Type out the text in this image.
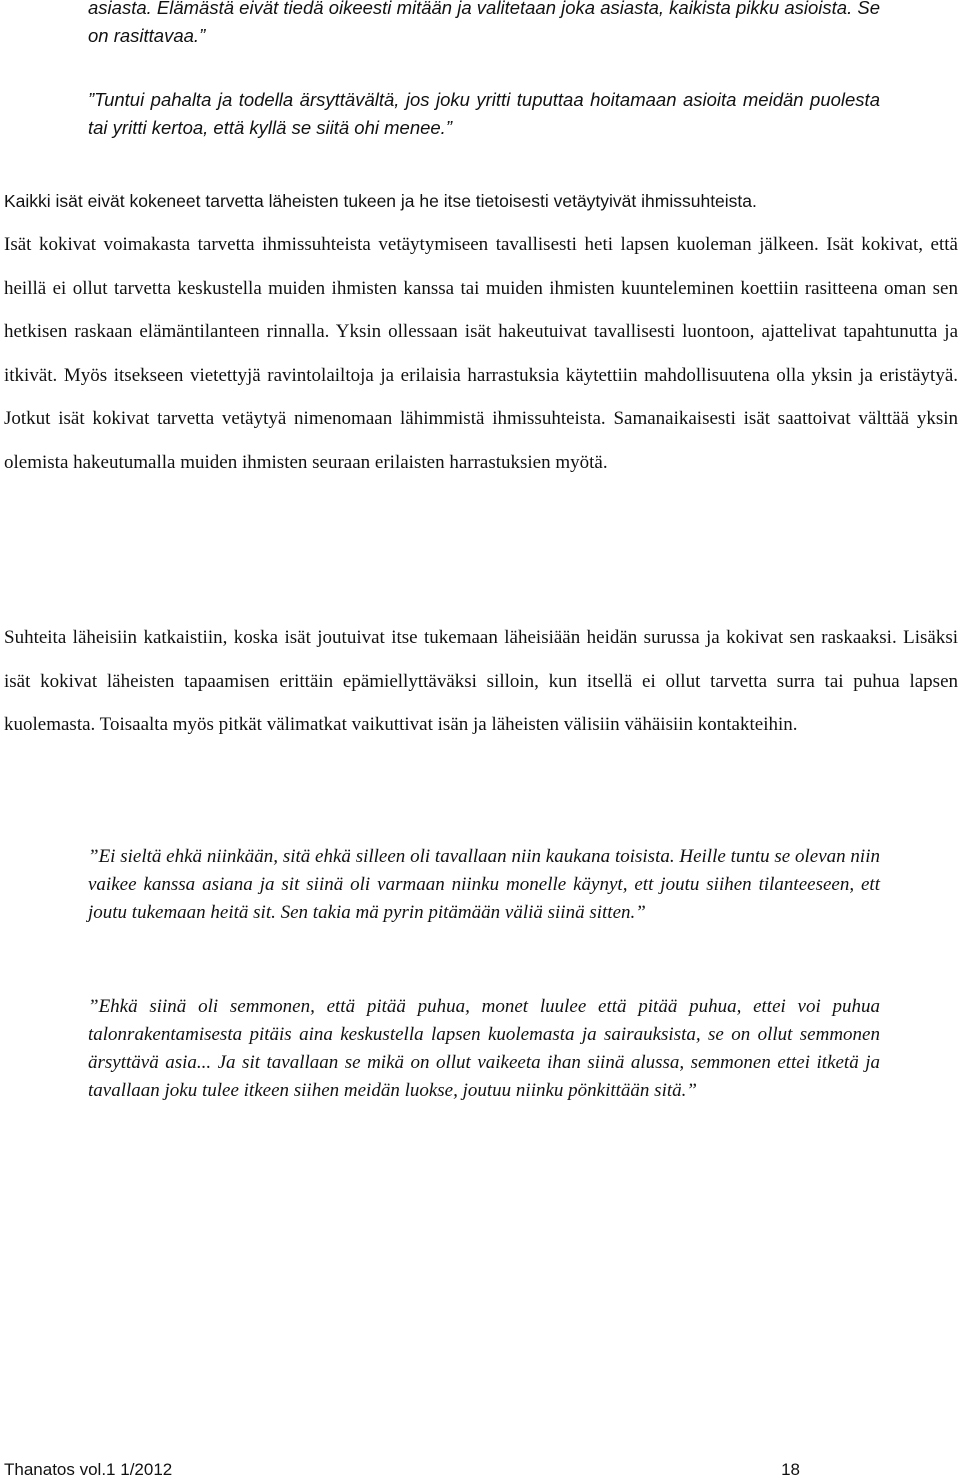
asiasta. Elämästä eivät tiedä oikeesti mitään ja valitetaan joka asiasta, kaikista pikku asioista. Se on rasittavaa.”

”Tuntui pahalta ja todella ärsyttävältä, jos joku yritti tuputtaa hoitamaan asioita meidän puolesta tai yritti kertoa, että kyllä se siitä ohi menee.”

Kaikki isät eivät kokeneet tarvetta läheisten tukeen ja he itse tietoisesti vetäytyivät ihmissuhteista.

Isät kokivat voimakasta tarvetta ihmissuhteista vetäytymiseen tavallisesti heti lapsen kuoleman jälkeen. Isät kokivat, että heillä ei ollut tarvetta keskustella muiden ihmisten kanssa tai muiden ihmisten kuunteleminen koettiin rasitteena oman sen hetkisen raskaan elämäntilanteen rinnalla. Yksin ollessaan isät hakeutuivat tavallisesti luontoon, ajattelivat tapahtunutta ja itkivät. Myös itsekseen vietettyjä ravintolailtoja ja erilaisia harrastuksia käytettiin mahdollisuutena olla yksin ja eristäytyä. Jotkut isät kokivat tarvetta vetäytyä nimenomaan lähimmistä ihmissuhteista. Samanaikaisesti isät saattoivat välttää yksin olemista hakeutumalla muiden ihmisten seuraan erilaisten harrastuksien myötä.

Suhteita läheisiin katkaistiin, koska isät joutuivat itse tukemaan läheisiään heidän surussa ja kokivat sen raskaaksi. Lisäksi isät kokivat läheisten tapaamisen erittäin epämiellyttäväksi silloin, kun itsellä ei ollut tarvetta surra tai puhua lapsen kuolemasta. Toisaalta myös pitkät välimatkat vaikuttivat isän ja läheisten välisiin vähäisiin kontakteihin.

”Ei sieltä ehkä niinkään, sitä ehkä silleen oli tavallaan niin kaukana toisista. Heille tuntu se olevan niin vaikee kanssa asiana ja sit siinä oli varmaan niinku monelle käynyt, ett joutu siihen tilanteeseen, ett joutu tukemaan heitä sit. Sen takia mä pyrin pitämään väliä siinä sitten.”

”Ehkä siinä oli semmonen, että pitää puhua, monet luulee että pitää puhua, ettei voi puhua talonrakentamisesta pitäis aina keskustella lapsen kuolemasta ja sairauksista, se on ollut semmonen ärsyttävä asia... Ja sit tavallaan se mikä on ollut vaikeeta ihan siinä alussa, semmonen ettei itketä ja tavallaan joku tulee itkeen siihen meidän luokse, joutuu niinku pönkittään sitä.”

Thanatos vol.1 1/2012	18
